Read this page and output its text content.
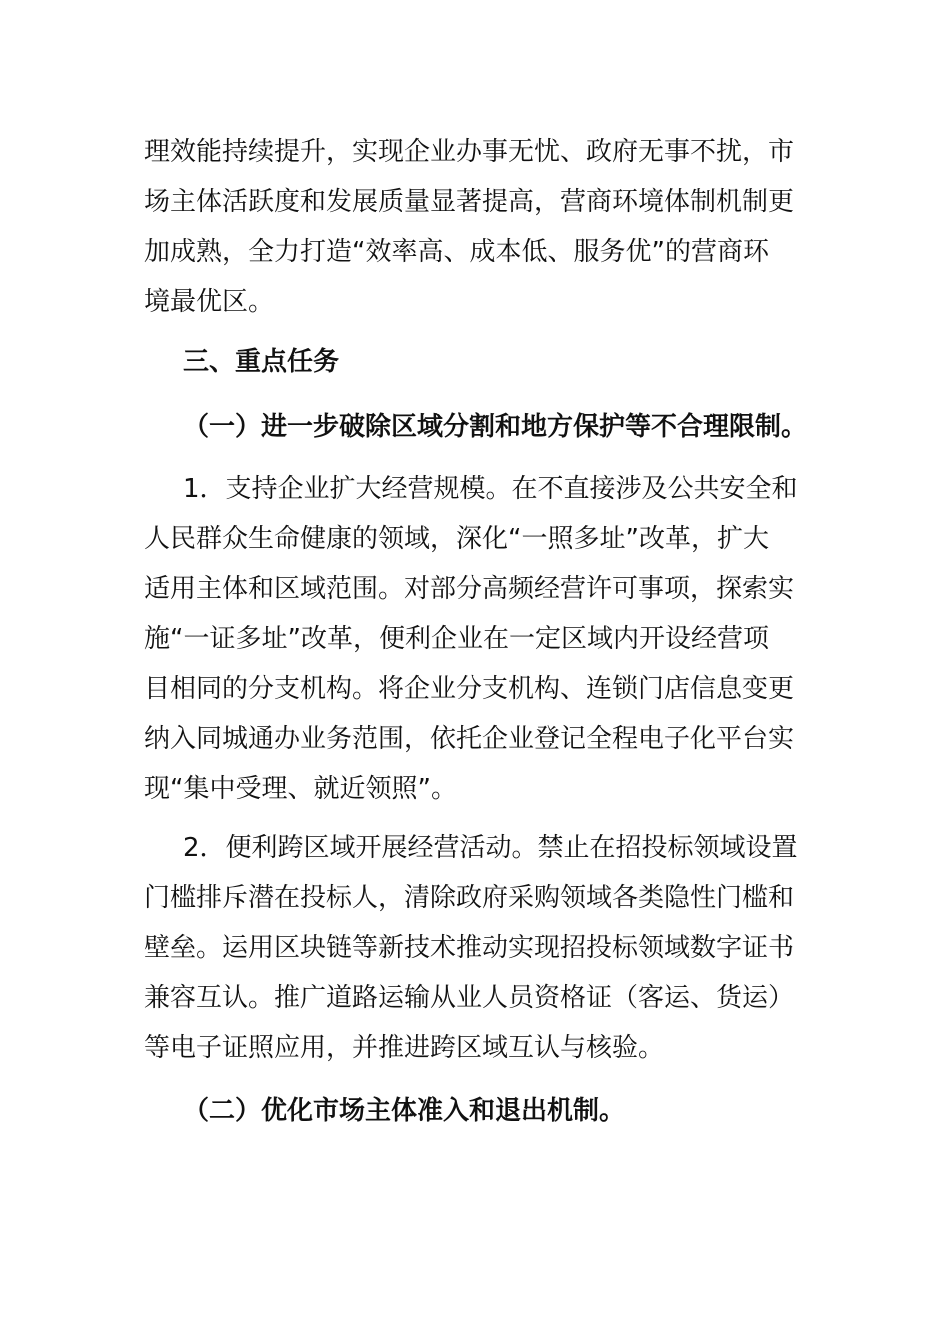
理效能持续提升，实现企业办事无忧、政府无事不扰，市
场主体活跃度和发展质量显著提高，营商环境体制机制更
加成熟，全力打造“效率高、成本低、服务优”的营商环
境最优区。
三、重点任务
（一）进一步破除区域分割和地方保护等不合理限制。
1．支持企业扩大经营规模。在不直接涉及公共安全和
人民群众生命健康的领域，深化“一照多址”改革，扩大
适用主体和区域范围。对部分高频经营许可事项，探索实
施“一证多址”改革，便利企业在一定区域内开设经营项
目相同的分支机构。将企业分支机构、连锁门店信息变更
纳入同城通办业务范围，依托企业登记全程电子化平台实
现“集中受理、就近领照”。
2．便利跨区域开展经营活动。禁止在招投标领域设置
门槛排斥潜在投标人，清除政府采购领域各类隐性门槛和
壁垒。运用区块链等新技术推动实现招投标领域数字证书
兼容互认。推广道路运输从业人员资格证（客运、货运）
等电子证照应用，并推进跨区域互认与核验。
（二）优化市场主体准入和退出机制。
